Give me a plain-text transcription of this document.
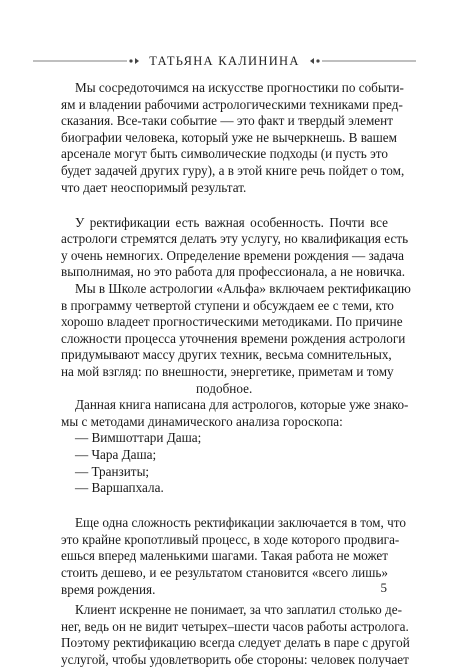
ТАТЬЯНА КАЛИНИНА
Мы сосредоточимся на искусстве прогностики по событи-
ям и владении рабочими астрологическими техниками пред-
сказания. Все-таки событие — это факт и твердый элемент
биографии человека, который уже не вычеркнешь. В вашем
арсенале могут быть символические подходы (и пусть это
будет задачей других гуру), а в этой книге речь пойдет о том,
что дает неоспоримый результат.
У ректификации есть важная особенность. Почти все
астрологи стремятся делать эту услугу, но квалификация есть
у очень немногих. Определение времени рождения — задача
выполнимая, но это работа для профессионала, а не новичка.
Мы в Школе астрологии «Альфа» включаем ректификацию
в программу четвертой ступени и обсуждаем ее с теми, кто
хорошо владеет прогностическими методиками. По причине
сложности процесса уточнения времени рождения астрологи
придумывают массу других техник, весьма сомнительных,
на мой взгляд: по внешности, энергетике, приметам и тому
подобное.
Данная книга написана для астрологов, которые уже знако-
мы с методами динамического анализа гороскопа:
— Вимшоттари Даша;
— Чара Даша;
— Транзиты;
— Варшапхала.
Еще одна сложность ректификации заключается в том, что
это крайне кропотливый процесс, в ходе которого продвига-
ешься вперед маленькими шагами. Такая работа не может
стоить дешево, и ее результатом становится «всего лишь»
время рождения.
Клиент искренне не понимает, за что заплатил столько де-
нег, ведь он не видит четырех–шести часов работы астролога.
Поэтому ректификацию всегда следует делать в паре с другой
услугой, чтобы удовлетворить обе стороны: человек получает
5
